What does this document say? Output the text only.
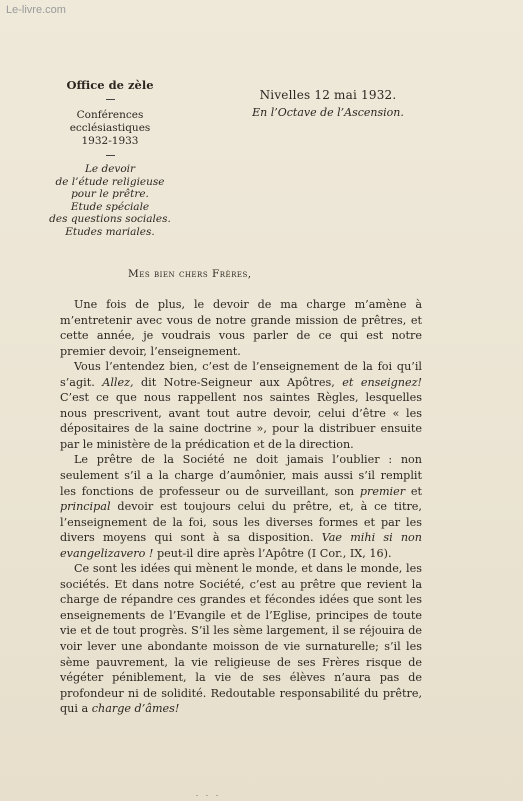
Le-livre.com
Office de zèle
Conférences ecclésiastiques
1932-1933
Le devoir
de l’étude religieuse
pour le prêtre.
Etude spéciale
des questions sociales.
Etudes mariales.
Nivelles 12 mai 1932.
En l’Octave de l’Ascension.
Mes bien chers Frères,

Une fois de plus, le devoir de ma charge m’amène à m’entretenir avec vous de notre grande mission de prêtres, et cette année, je voudrais vous parler de ce qui est notre premier devoir, l’enseignement.

Vous l’entendez bien, c’est de l’enseignement de la foi qu’il s’agit. Allez, dit Notre-Seigneur aux Apôtres, et enseignez! C’est ce que nous rappellent nos saintes Règles, lesquelles nous prescrivent, avant tout autre devoir, celui d’être « les dépositaires de la saine doctrine », pour la distribuer ensuite par le ministère de la prédication et de la direction.

Le prêtre de la Société ne doit jamais l’oublier : non seulement s’il a la charge d’aumônier, mais aussi s’il remplit les fonctions de professeur ou de surveillant, son premier et principal devoir est toujours celui du prêtre, et, à ce titre, l’enseignement de la foi, sous les diverses formes et par les divers moyens qui sont à sa disposition. Vae mihi si non evangelizavero ! peut-il dire après l’Apôtre (I Cor., IX, 16).

Ce sont les idées qui mènent le monde, et dans le monde, les sociétés. Et dans notre Société, c’est au prêtre que revient la charge de répandre ces grandes et fécondes idées que sont les enseignements de l’Evangile et de l’Eglise, principes de toute vie et de tout progrès. S’il les sème largement, il se réjouira de voir lever une abondante moisson de vie surnaturelle; s’il les sème pauvrement, la vie religieuse de ses Frères risque de végéter péniblement, la vie de ses élèves n’aura pas de profondeur ni de solidité. Redoutable responsabilité du prêtre, qui a charge d’âmes!

- - -
